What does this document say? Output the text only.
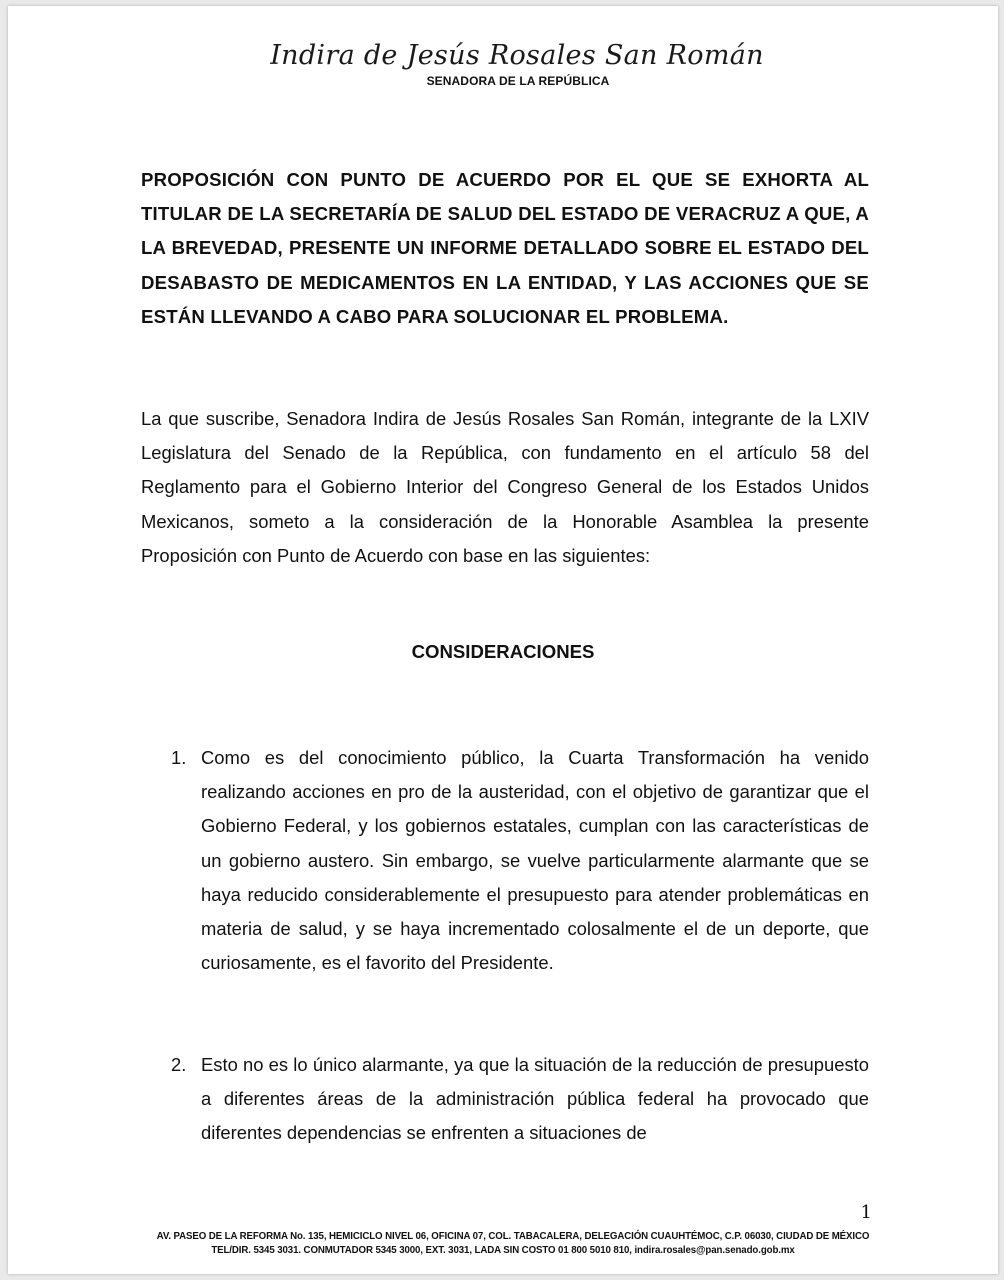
Indira de Jesús Rosales San Román
SENADORA DE LA REPÚBLICA
PROPOSICIÓN CON PUNTO DE ACUERDO POR EL QUE SE EXHORTA AL TITULAR DE LA SECRETARÍA DE SALUD DEL ESTADO DE VERACRUZ A QUE, A LA BREVEDAD, PRESENTE UN INFORME DETALLADO SOBRE EL ESTADO DEL DESABASTO DE MEDICAMENTOS EN LA ENTIDAD, Y LAS ACCIONES QUE SE ESTÁN LLEVANDO A CABO PARA SOLUCIONAR EL PROBLEMA.
La que suscribe, Senadora Indira de Jesús Rosales San Román, integrante de la LXIV Legislatura del Senado de la República, con fundamento en el artículo 58 del Reglamento para el Gobierno Interior del Congreso General de los Estados Unidos Mexicanos, someto a la consideración de la Honorable Asamblea la presente Proposición con Punto de Acuerdo con base en las siguientes:
CONSIDERACIONES
1. Como es del conocimiento público, la Cuarta Transformación ha venido realizando acciones en pro de la austeridad, con el objetivo de garantizar que el Gobierno Federal, y los gobiernos estatales, cumplan con las características de un gobierno austero. Sin embargo, se vuelve particularmente alarmante que se haya reducido considerablemente el presupuesto para atender problemáticas en materia de salud, y se haya incrementado colosalmente el de un deporte, que curiosamente, es el favorito del Presidente.
2. Esto no es lo único alarmante, ya que la situación de la reducción de presupuesto a diferentes áreas de la administración pública federal ha provocado que diferentes dependencias se enfrenten a situaciones de
1
AV. PASEO DE LA REFORMA No. 135, HEMICICLO NIVEL 06, OFICINA 07, COL. TABACALERA, DELEGACIÓN CUAUHTÉMOC, C.P. 06030, CIUDAD DE MÉXICO
TEL/DIR. 5345 3031. CONMUTADOR 5345 3000, EXT. 3031, LADA SIN COSTO 01 800 5010 810, indira.rosales@pan.senado.gob.mx
